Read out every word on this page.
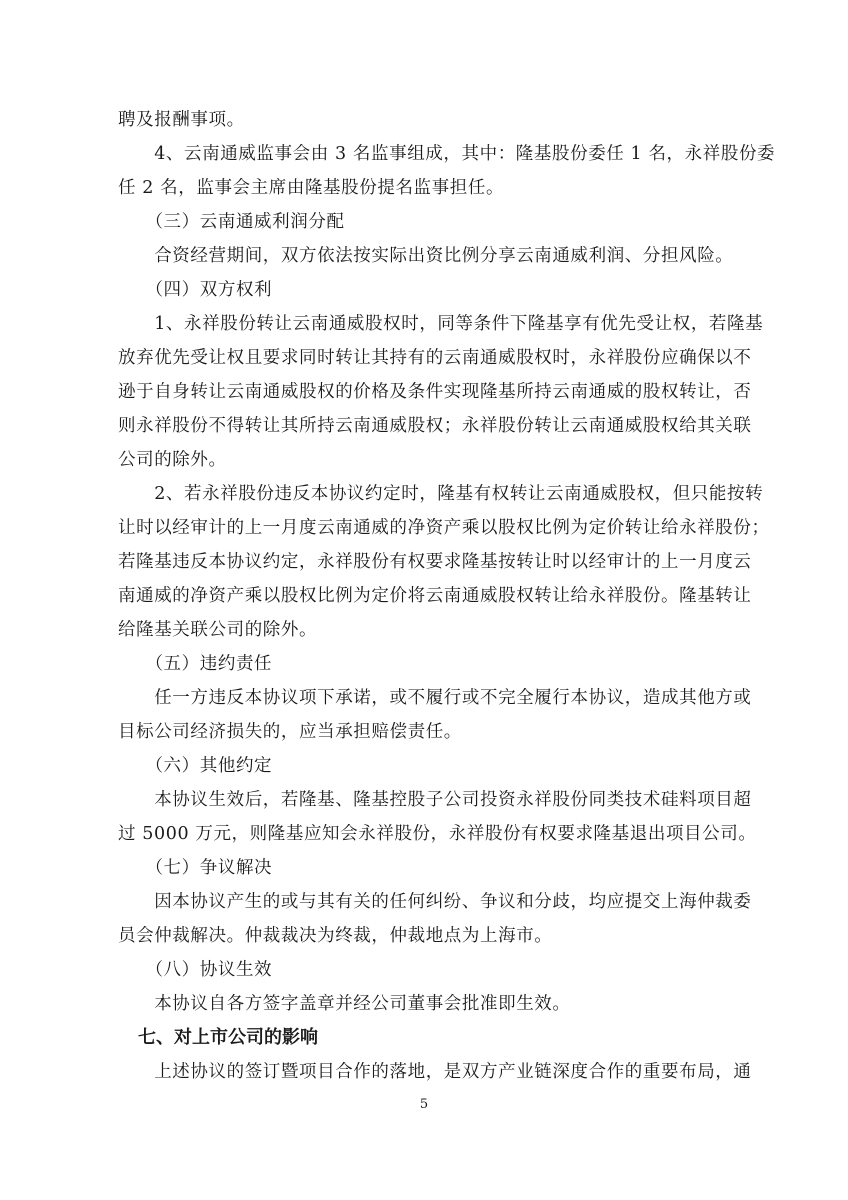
聘及报酬事项。
　　4、云南通威监事会由 3 名监事组成，其中：隆基股份委任 1 名，永祥股份委
任 2 名，监事会主席由隆基股份提名监事担任。
　　（三）云南通威利润分配
　　合资经营期间，双方依法按实际出资比例分享云南通威利润、分担风险。
　　（四）双方权利
　　1、永祥股份转让云南通威股权时，同等条件下隆基享有优先受让权，若隆基
放弃优先受让权且要求同时转让其持有的云南通威股权时，永祥股份应确保以不
逊于自身转让云南通威股权的价格及条件实现隆基所持云南通威的股权转让，否
则永祥股份不得转让其所持云南通威股权；永祥股份转让云南通威股权给其关联
公司的除外。
　　2、若永祥股份违反本协议约定时，隆基有权转让云南通威股权，但只能按转
让时以经审计的上一月度云南通威的净资产乘以股权比例为定价转让给永祥股份；
若隆基违反本协议约定，永祥股份有权要求隆基按转让时以经审计的上一月度云
南通威的净资产乘以股权比例为定价将云南通威股权转让给永祥股份。隆基转让
给隆基关联公司的除外。
　　（五）违约责任
　　任一方违反本协议项下承诺，或不履行或不完全履行本协议，造成其他方或
目标公司经济损失的，应当承担赔偿责任。
　　（六）其他约定
　　本协议生效后，若隆基、隆基控股子公司投资永祥股份同类技术硅料项目超
过 5000 万元，则隆基应知会永祥股份，永祥股份有权要求隆基退出项目公司。
　　（七）争议解决
　　因本协议产生的或与其有关的任何纠纷、争议和分歧，均应提交上海仲裁委
员会仲裁解决。仲裁裁决为终裁，仲裁地点为上海市。
　　（八）协议生效
　　本协议自各方签字盖章并经公司董事会批准即生效。
七、对上市公司的影响
　　上述协议的签订暨项目合作的落地，是双方产业链深度合作的重要布局，通
5
